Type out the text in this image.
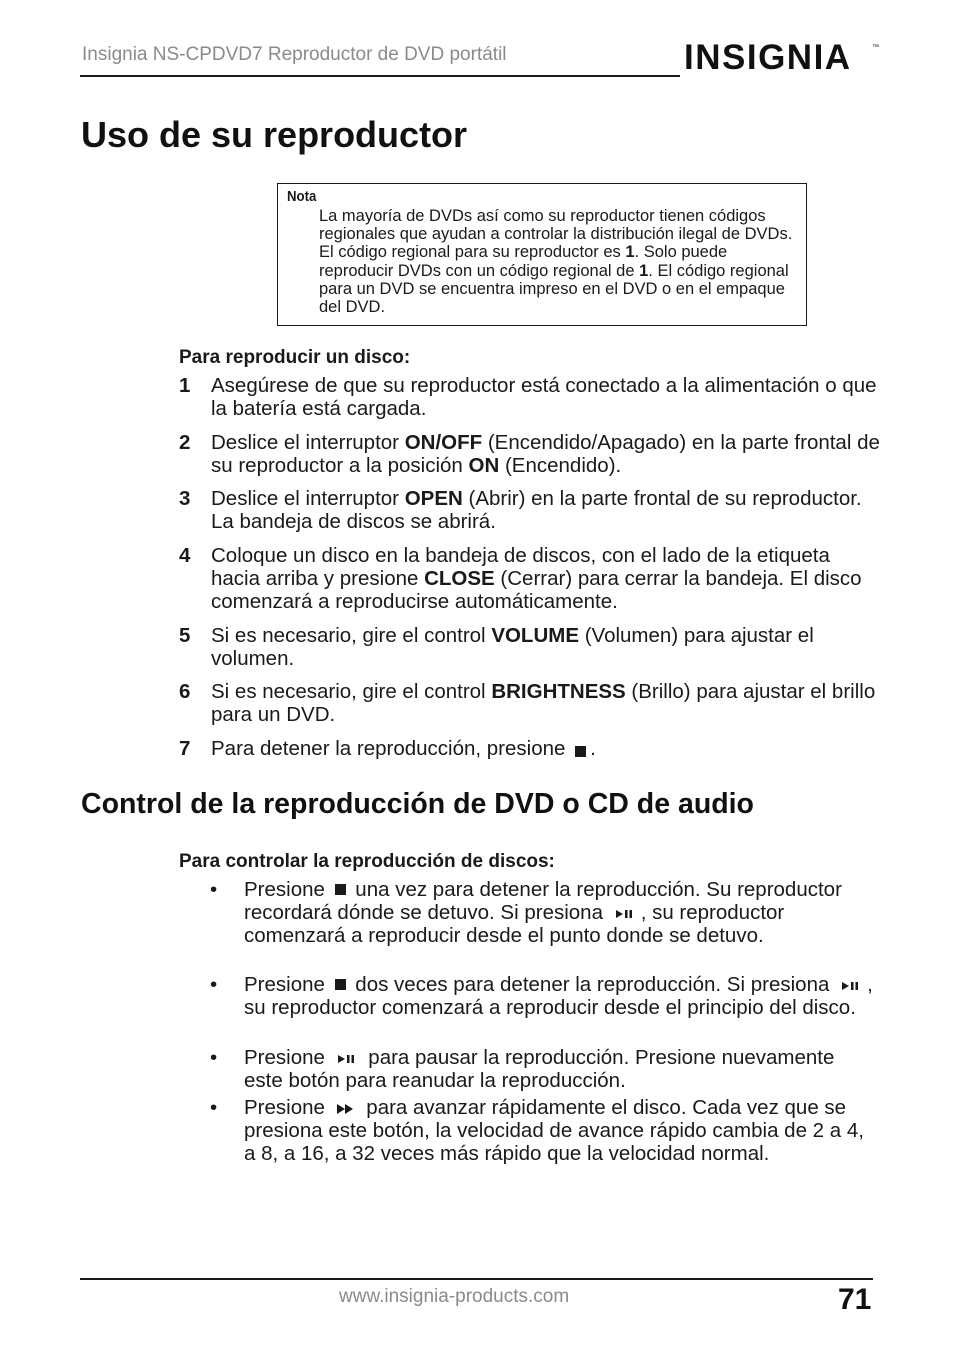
Insignia NS-CPDVD7 Reproductor de DVD portátil	INSIGNIA	™
Uso de su reproductor
Nota

La mayoría de DVDs así como su reproductor tienen códigos regionales que ayudan a controlar la distribución ilegal de DVDs. El código regional para su reproductor es 1. Solo puede reproducir DVDs con un código regional de 1. El código regional para un DVD se encuentra impreso en el DVD o en el empaque del DVD.

Para reproducir un disco:
1 Asegúrese de que su reproductor está conectado a la alimentación o que la batería está cargada.
2 Deslice el interruptor ON/OFF (Encendido/Apagado) en la parte frontal de su reproductor a la posición ON (Encendido).
3 Deslice el interruptor OPEN (Abrir) en la parte frontal de su reproductor. La bandeja de discos se abrirá.
4 Coloque un disco en la bandeja de discos, con el lado de la etiqueta hacia arriba y presione CLOSE (Cerrar) para cerrar la bandeja. El disco comenzará a reproducirse automáticamente.
5 Si es necesario, gire el control VOLUME (Volumen) para ajustar el volumen.
6 Si es necesario, gire el control BRIGHTNESS (Brillo) para ajustar el brillo para un DVD.
7 Para detener la reproducción, presione .
Control de la reproducción de DVD o CD de audio
Para controlar la reproducción de discos:
• Presione  una vez para detener la reproducción. Su reproductor recordará dónde se detuvo. Si presiona , su reproductor comenzará a reproducir desde el punto donde se detuvo.
• Presione  dos veces para detener la reproducción. Si presiona , su reproductor comenzará a reproducir desde el principio del disco.
• Presione  para pausar la reproducción. Presione nuevamente este botón para reanudar la reproducción.
• Presione  para avanzar rápidamente el disco. Cada vez que se presiona este botón, la velocidad de avance rápido cambia de 2 a 4, a 8, a 16, a 32 veces más rápido que la velocidad normal.
www.insignia-products.com	71
